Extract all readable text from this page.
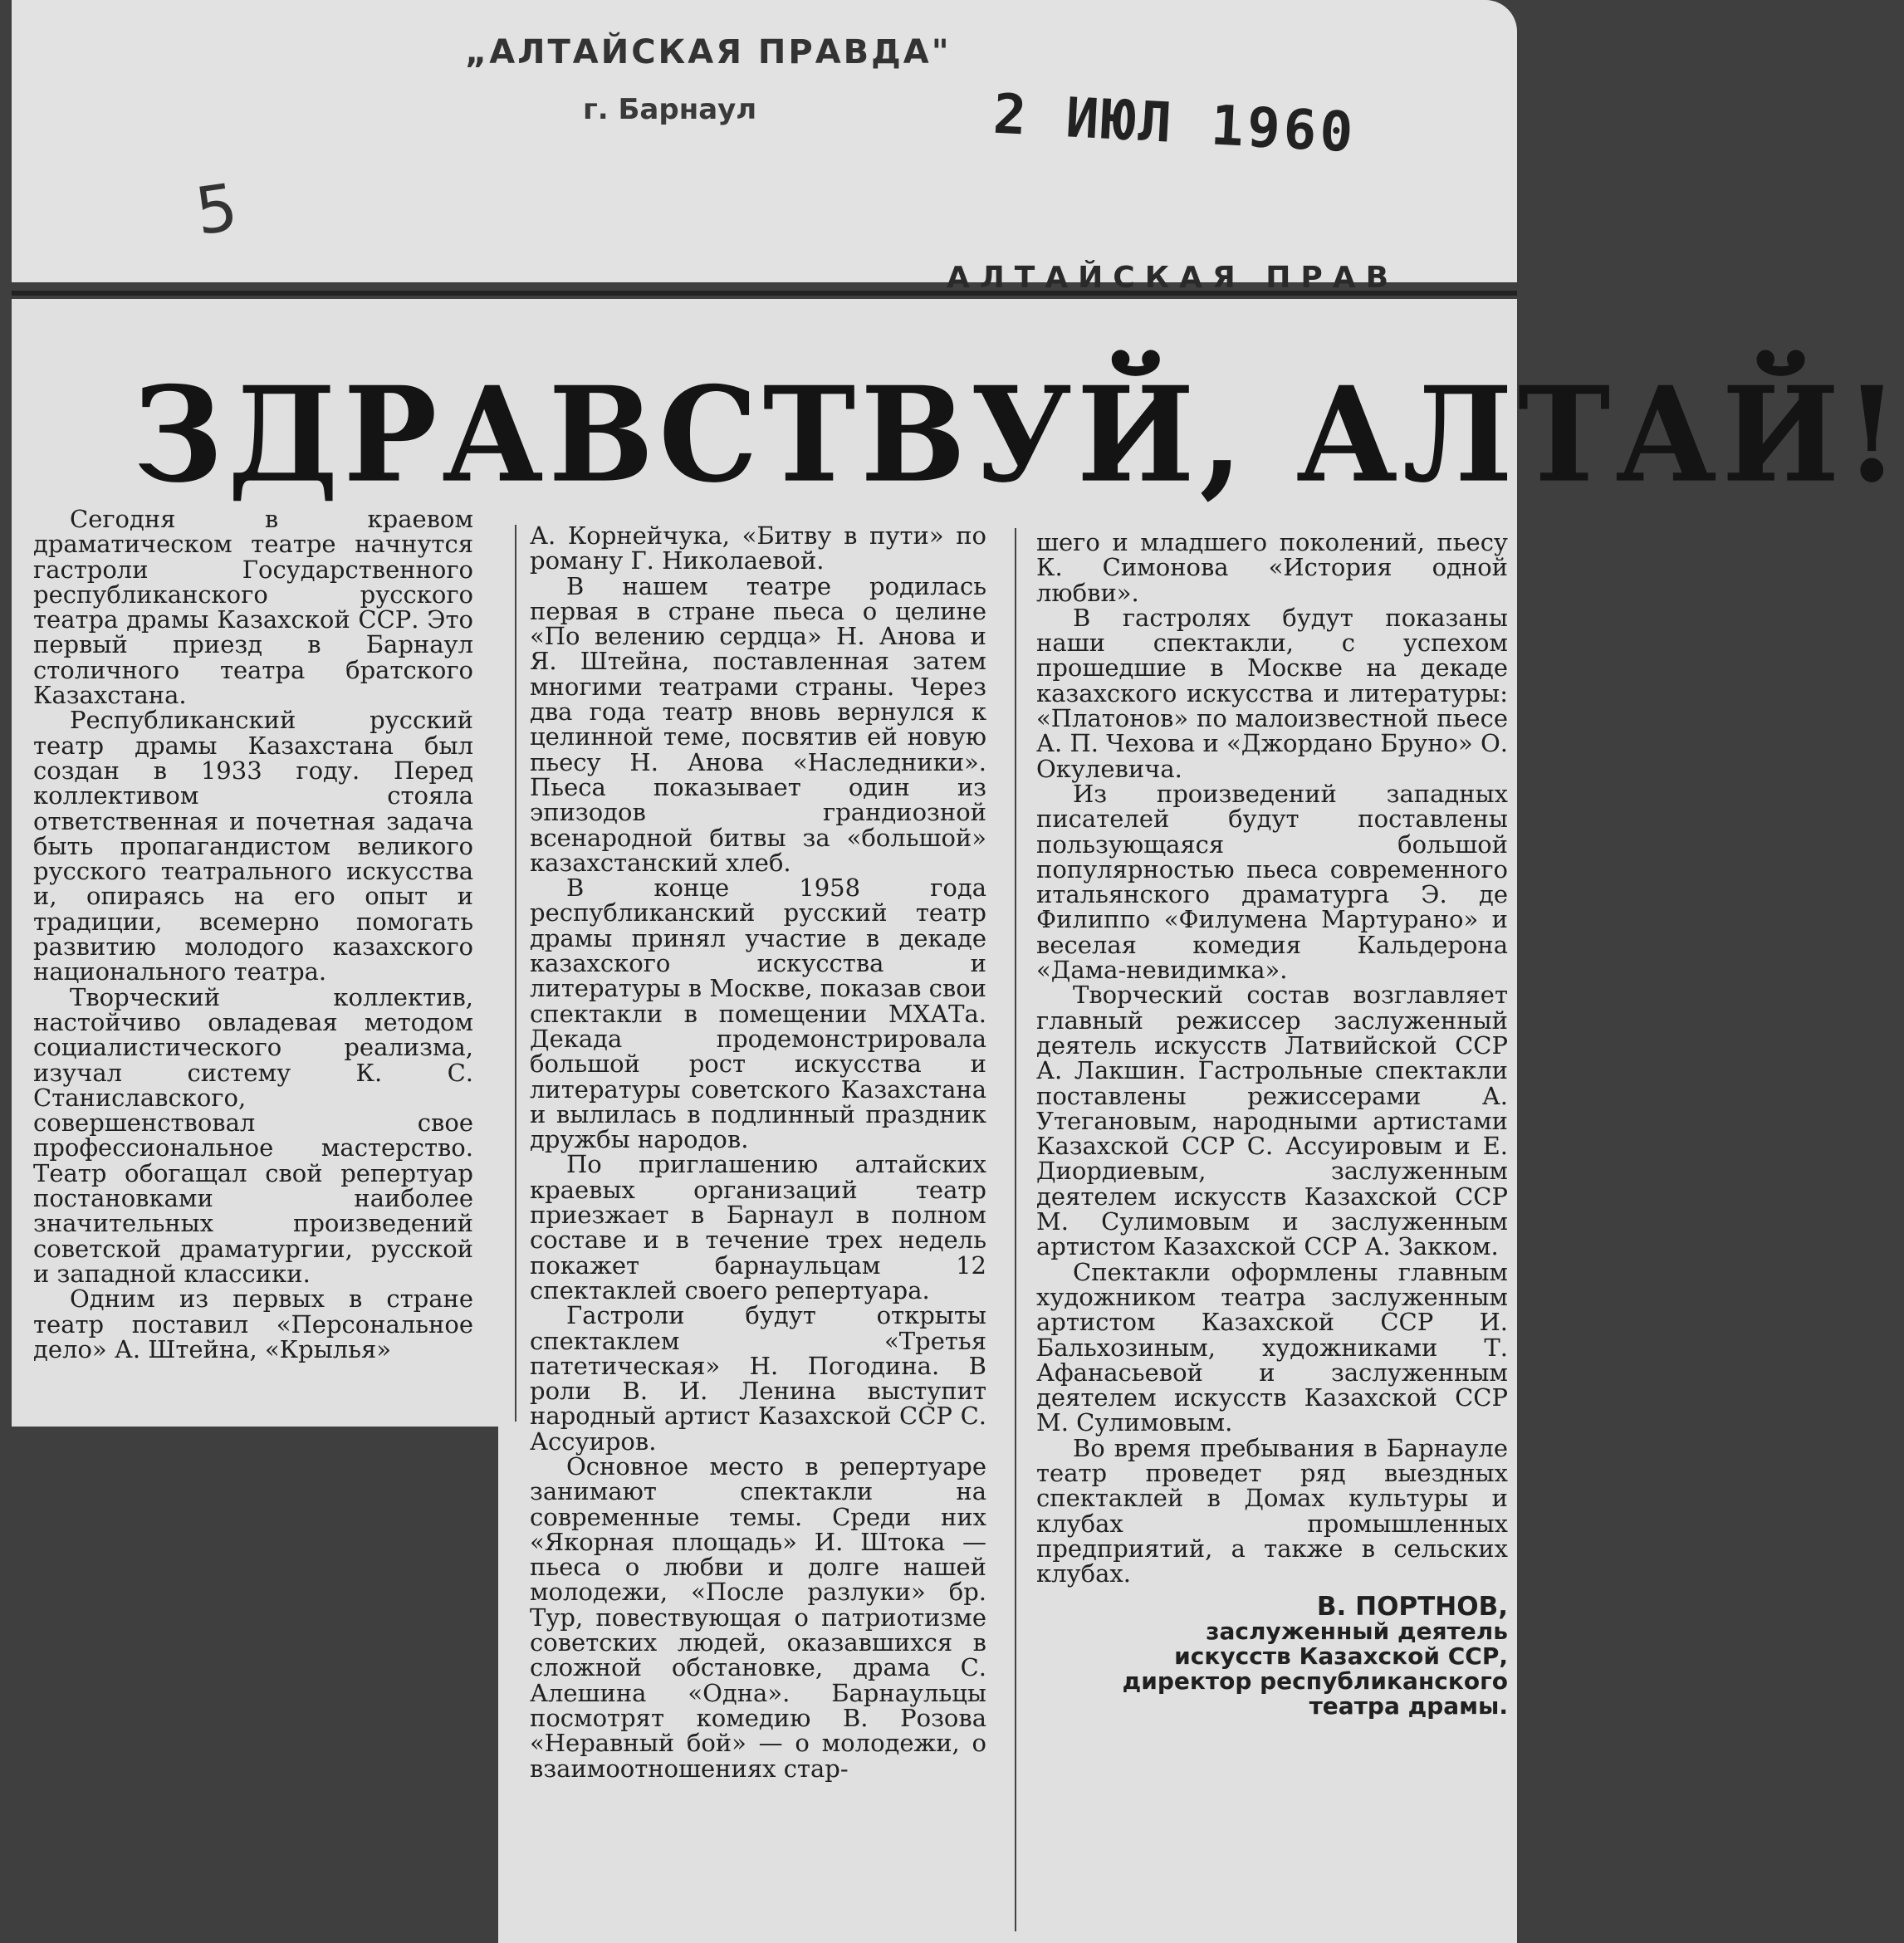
„АЛТАЙСКАЯ ПРАВДА"
г. Барнаул	2 ИЮЛ 1960
5
АЛТАЙСКАЯ ПРАВ
ЗДРАВСТВУЙ, АЛТАЙ!

Сегодня в краевом драматическом театре начнутся гастроли Государственного республиканского русского театра драмы Казахской ССР. Это первый приезд в Барнаул столичного театра братского Казахстана.

Республиканский русский театр драмы Казахстана был создан в 1933 году. Перед коллективом стояла ответственная и почетная задача быть пропагандистом великого русского театрального искусства и, опираясь на его опыт и традиции, всемерно помогать развитию молодого казахского национального театра.

Творческий коллектив, настойчиво овладевая методом социалистического реализма, изучал систему К. С. Станиславского, совершенствовал свое профессиональное мастерство. Театр обогащал свой репертуар постановками наиболее значительных произведений советской драматургии, русской и западной классики.

Одним из первых в стране театр поставил «Персональное дело» А. Штейна, «Крылья»

А. Корнейчука, «Битву в пути» по роману Г. Николаевой.

В нашем театре родилась первая в стране пьеса о целине «По велению сердца» Н. Анова и Я. Штейна, поставленная затем многими театрами страны. Через два года театр вновь вернулся к целинной теме, посвятив ей новую пьесу Н. Анова «Наследники». Пьеса показывает один из эпизодов грандиозной всенародной битвы за «большой» казахстанский хлеб.

В конце 1958 года республиканский русский театр драмы принял участие в декаде казахского искусства и литературы в Москве, показав свои спектакли в помещении МХАТа. Декада продемонстрировала большой рост искусства и литературы советского Казахстана и вылилась в подлинный праздник дружбы народов.

По приглашению алтайских краевых организаций театр приезжает в Барнаул в полном составе и в течение трех недель покажет барнаульцам 12 спектаклей своего репертуара.

Гастроли будут открыты спектаклем «Третья патетическая» Н. Погодина. В роли В. И. Ленина выступит народный артист Казахской ССР С. Ассуиров.

Основное место в репертуаре занимают спектакли на современные темы. Среди них «Якорная площадь» И. Штока — пьеса о любви и долге нашей молодежи, «После разлуки» бр. Тур, повествующая о патриотизме советских людей, оказавшихся в сложной обстановке, драма С. Алешина «Одна». Барнаульцы посмотрят комедию В. Розова «Неравный бой» — о молодежи, о взаимоотношениях стар-

шего и младшего поколений, пьесу К. Симонова «История одной любви».

В гастролях будут показаны наши спектакли, с успехом прошедшие в Москве на декаде казахского искусства и литературы: «Платонов» по малоизвестной пьесе А. П. Чехова и «Джордано Бруно» О. Окулевича.

Из произведений западных писателей будут поставлены пользующаяся большой популярностью пьеса современного итальянского драматурга Э. де Филиппо «Филумена Мартурано» и веселая комедия Кальдерона «Дама-невидимка».

Творческий состав возглавляет главный режиссер заслуженный деятель искусств Латвийской ССР А. Лакшин. Гастрольные спектакли поставлены режиссерами А. Утегановым, народными артистами Казахской ССР С. Ассуировым и Е. Диордиевым, заслуженным деятелем искусств Казахской ССР М. Сулимовым и заслуженным артистом Казахской ССР А. Закком.

Спектакли оформлены главным художником театра заслуженным артистом Казахской ССР И. Бальхозиным, художниками Т. Афанасьевой и заслуженным деятелем искусств Казахской ССР М. Сулимовым.

Во время пребывания в Барнауле театр проведет ряд выездных спектаклей в Домах культуры и клубах промышленных предприятий, а также в сельских клубах.

В. ПОРТНОВ,
заслуженный деятель
искусств Казахской ССР,
директор республиканского
театра драмы.
